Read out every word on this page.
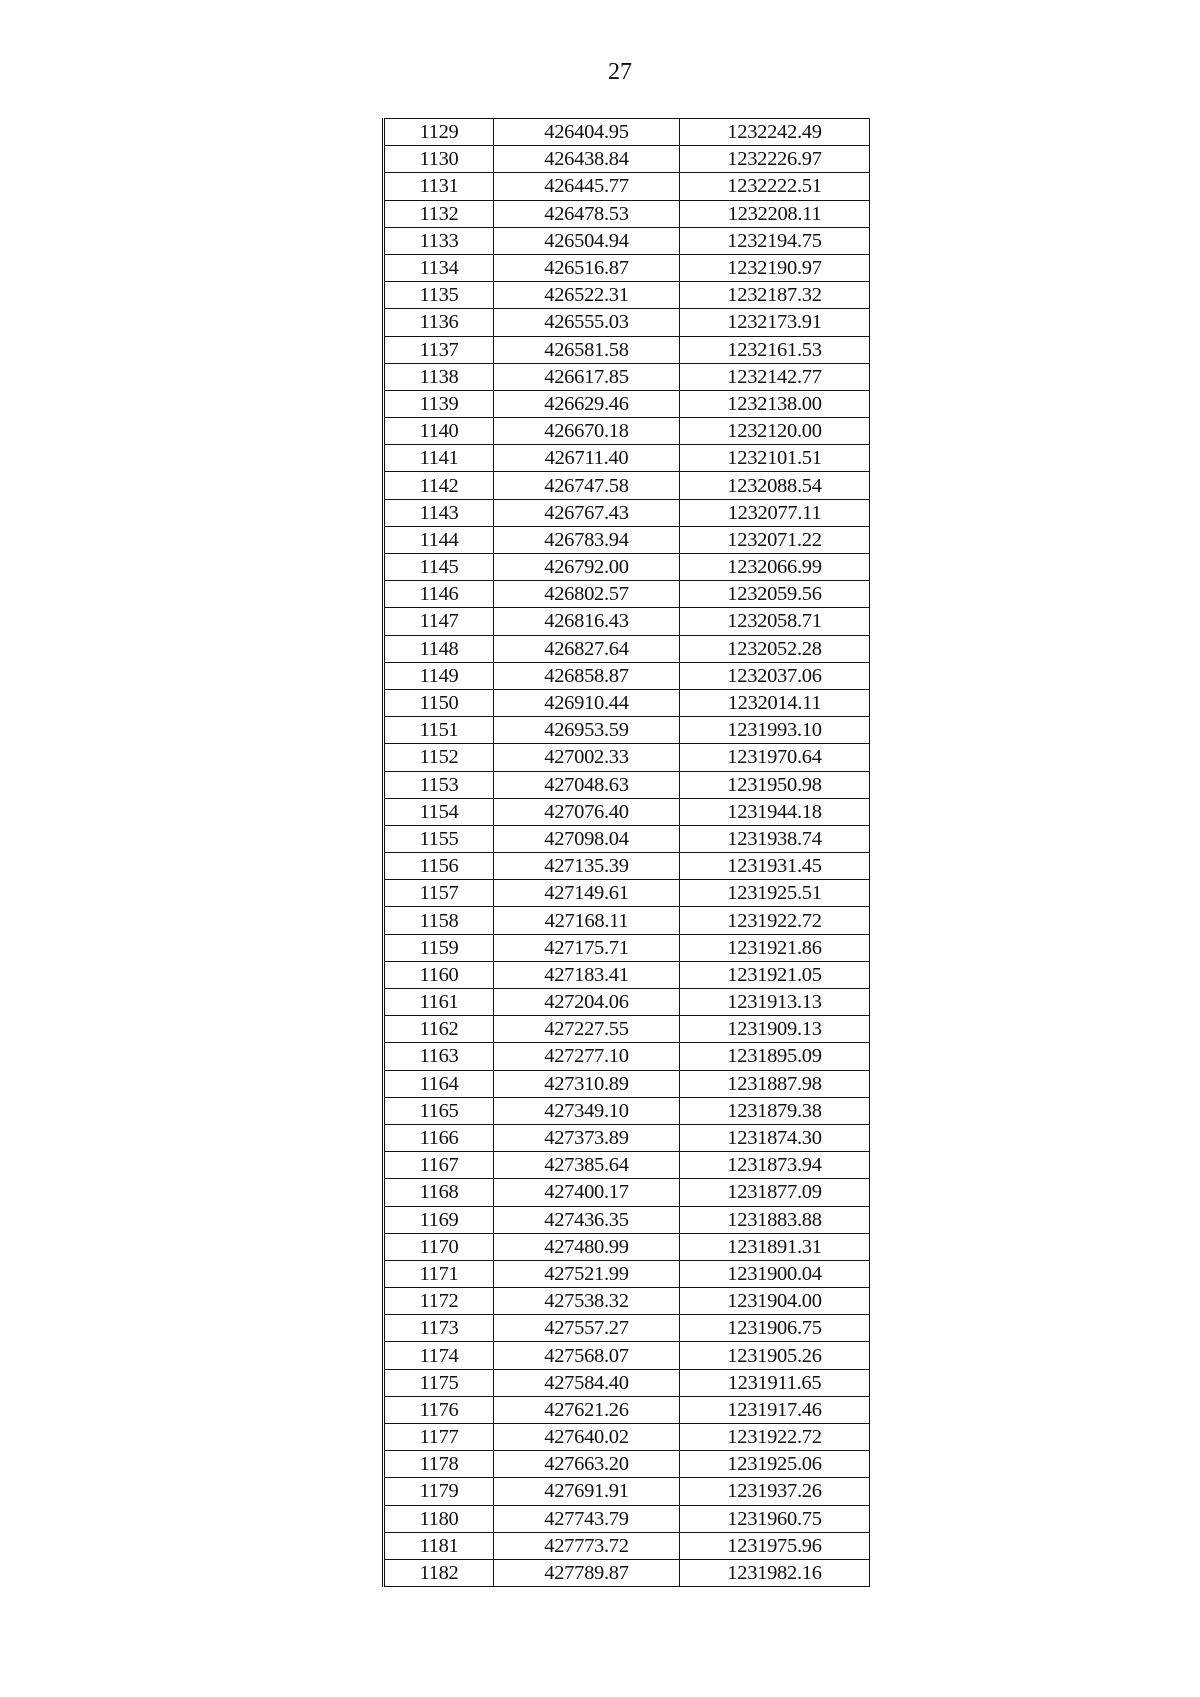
27
1129	426404.95	1232242.49
1130	426438.84	1232226.97
1131	426445.77	1232222.51
1132	426478.53	1232208.11
1133	426504.94	1232194.75
1134	426516.87	1232190.97
1135	426522.31	1232187.32
1136	426555.03	1232173.91
1137	426581.58	1232161.53
1138	426617.85	1232142.77
1139	426629.46	1232138.00
1140	426670.18	1232120.00
1141	426711.40	1232101.51
1142	426747.58	1232088.54
1143	426767.43	1232077.11
1144	426783.94	1232071.22
1145	426792.00	1232066.99
1146	426802.57	1232059.56
1147	426816.43	1232058.71
1148	426827.64	1232052.28
1149	426858.87	1232037.06
1150	426910.44	1232014.11
1151	426953.59	1231993.10
1152	427002.33	1231970.64
1153	427048.63	1231950.98
1154	427076.40	1231944.18
1155	427098.04	1231938.74
1156	427135.39	1231931.45
1157	427149.61	1231925.51
1158	427168.11	1231922.72
1159	427175.71	1231921.86
1160	427183.41	1231921.05
1161	427204.06	1231913.13
1162	427227.55	1231909.13
1163	427277.10	1231895.09
1164	427310.89	1231887.98
1165	427349.10	1231879.38
1166	427373.89	1231874.30
1167	427385.64	1231873.94
1168	427400.17	1231877.09
1169	427436.35	1231883.88
1170	427480.99	1231891.31
1171	427521.99	1231900.04
1172	427538.32	1231904.00
1173	427557.27	1231906.75
1174	427568.07	1231905.26
1175	427584.40	1231911.65
1176	427621.26	1231917.46
1177	427640.02	1231922.72
1178	427663.20	1231925.06
1179	427691.91	1231937.26
1180	427743.79	1231960.75
1181	427773.72	1231975.96
1182	427789.87	1231982.16
